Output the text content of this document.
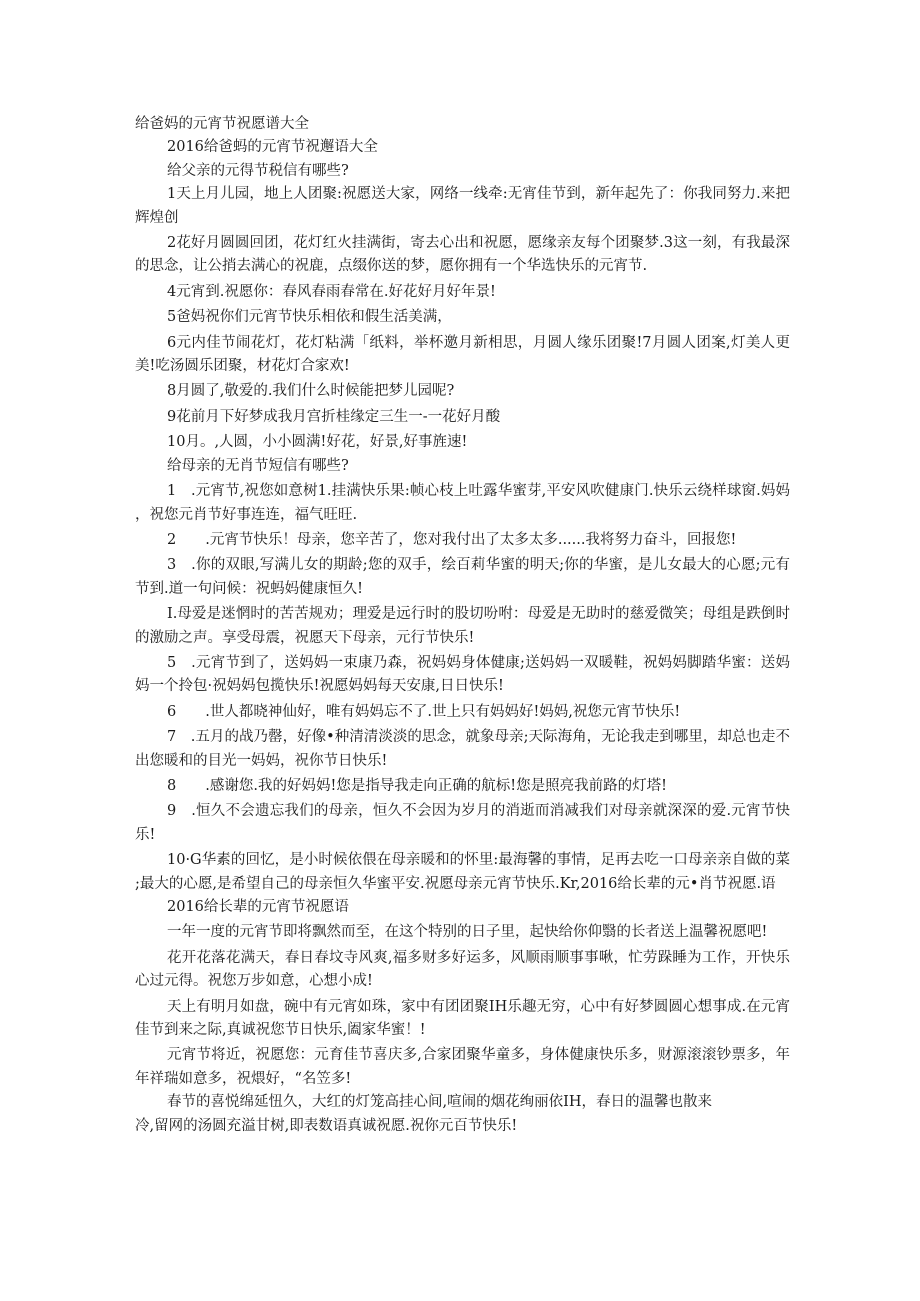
给爸妈的元宵节祝愿谱大全

2016给爸蚂的元宵节祝邂语大全

给父亲的元得节税信有哪些?

1天上月儿园，地上人团聚:祝愿送大家，网络一线牵:无宵佳节到，新年起先了：你我同努力.来把辉煌创

2花好月圆圆回团，花灯红火挂满街，寄去心出和祝愿，愿缘亲友每个团聚梦.3这一刻，有我最深的思念，让公捎去满心的祝鹿，点缀你送的梦，愿你拥有一个华选快乐的元宵节.

4元宵到.祝愿你：春风春雨春常在.好花好月好年景!

5爸妈祝你们元宵节快乐相依和假生活美满，

6元内佳节闹花灯，花灯粘满「纸料，举杯邀月新相思，月圆人缘乐团聚!7月圆人团案,灯美人更美!吃汤圆乐团聚，材花灯合家欢!

8月圆了,敬爱的.我们什么时候能把梦儿园呢?

9花前月下好梦成我月宫折桂缘定三生一-一花好月酸

10月。,人圆，小小圆满!好花，好景,好事旌速!

给母亲的无肖节短信有哪些?

1　.元宵节,祝您如意树1.挂满快乐果:帧心枝上吐露华蜜芽,平安风吹健康门.快乐云绕样球窗.妈妈，祝您元肖节好事连连，福气旺旺.

2　　.元宵节快乐！母亲，您辛苦了，您对我付出了太多太多......我将努力奋斗，回报您!

3　.你的双眼,写满儿女的期龄;您的双手，绘百莉华蜜的明天;你的华蜜，是儿女最大的心愿;元有节到.道一句问候：祝蚂妈健康恒久!

I.母爱是迷惘时的苦苦规劝；理爱是远行时的股切吩咐：母爱是无助时的慈爱微笑；母组是跌倒时的激励之声。享受母震，祝愿天下母亲，元行节快乐!

5　.元宵节到了，送妈妈一束康乃森，祝妈妈身体健康;送妈妈一双暖鞋，祝妈妈脚踏华蜜：送妈妈一个拎包·祝妈妈包揽快乐!祝愿妈妈每天安康,日日快乐!

6　　.世人都晓神仙好，唯有妈妈忘不了.世上只有妈妈好!妈妈,祝您元宵节快乐!

7　.五月的战乃罄，好像•种清清淡淡的思念，就象母亲;天际海角，无论我走到哪里，却总也走不出您暖和的目光一妈妈，祝你节日快乐!

8　　.感谢您.我的好妈妈!您是指导我走向正确的航标!您是照亮我前路的灯塔!

9　.恒久不会遗忘我们的母亲，恒久不会因为岁月的消逝而消减我们对母亲就深深的爱.元宵节快乐!

10·G华素的回忆，是小时候依偎在母亲暖和的怀里:最海馨的事情，足再去吃一口母亲亲自做的菜;最大的心愿,是希望自己的母亲恒久华蜜平安.祝愿母亲元宵节快乐.Kr,2016给长辈的元•肖节祝愿.语

2016给长辈的元宵节祝愿语

一年一度的元宵节即将飘然而至，在这个特别的日子里，起快给你仰翳的长者送上温馨祝愿吧!

花开花落花满天，春日春坟寺风爽,福多财多好运多，风顺雨顺事事啾，忙劳跺睡为工作，开快乐心过元得。祝您万步如意，心想小成!

天上有明月如盘，碗中有元宵如珠，家中有团团聚IH乐趣无穷，心中有好梦圆圆心想事成.在元宵佳节到来之际,真诚祝您节日快乐,阖家华蜜！!

元宵节将近，祝愿您：元育佳节喜庆多,合家团聚华童多，身体健康快乐多，财源滚滚钞票多，年年祥瑞如意多，祝煨好，“名笠多!

春节的喜悦绵延忸久，大红的灯笼高挂心间,喧闹的烟花绚丽依IH，春日的温馨也散来

冷,留网的汤圆充溢甘树,即表数语真诚祝愿.祝你元百节快乐!
